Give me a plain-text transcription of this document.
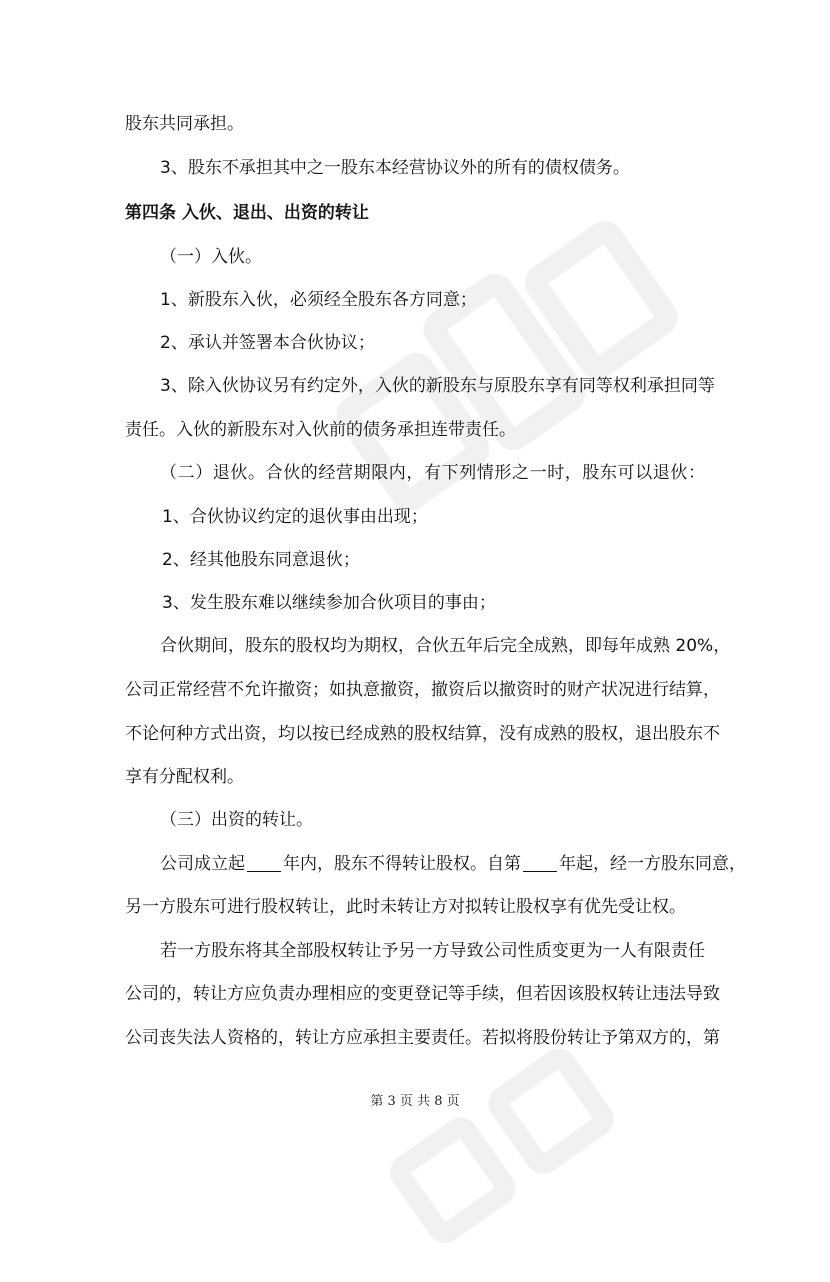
股东共同承担。
3、股东不承担其中之一股东本经营协议外的所有的债权债务。
第四条 入伙、退出、出资的转让
（一）入伙。
1、新股东入伙，必须经全股东各方同意；
2、承认并签署本合伙协议；
3、除入伙协议另有约定外，入伙的新股东与原股东享有同等权利承担同等
责任。入伙的新股东对入伙前的债务承担连带责任。
（二）退伙。合伙的经营期限内，有下列情形之一时，股东可以退伙：
1、合伙协议约定的退伙事由出现；
2、经其他股东同意退伙；
3、发生股东难以继续参加合伙项目的事由；
合伙期间，股东的股权均为期权，合伙五年后完全成熟，即每年成熟 20%，
公司正常经营不允许撤资；如执意撤资，撤资后以撤资时的财产状况进行结算，
不论何种方式出资，均以按已经成熟的股权结算，没有成熟的股权，退出股东不
享有分配权利。
（三）出资的转让。
公司成立起 年内，股东不得转让股权。自第 年起，经一方股东同意，
另一方股东可进行股权转让，此时未转让方对拟转让股权享有优先受让权。
若一方股东将其全部股权转让予另一方导致公司性质变更为一人有限责任
公司的，转让方应负责办理相应的变更登记等手续，但若因该股权转让违法导致
公司丧失法人资格的，转让方应承担主要责任。若拟将股份转让予第双方的，第
第 3 页 共 8 页
